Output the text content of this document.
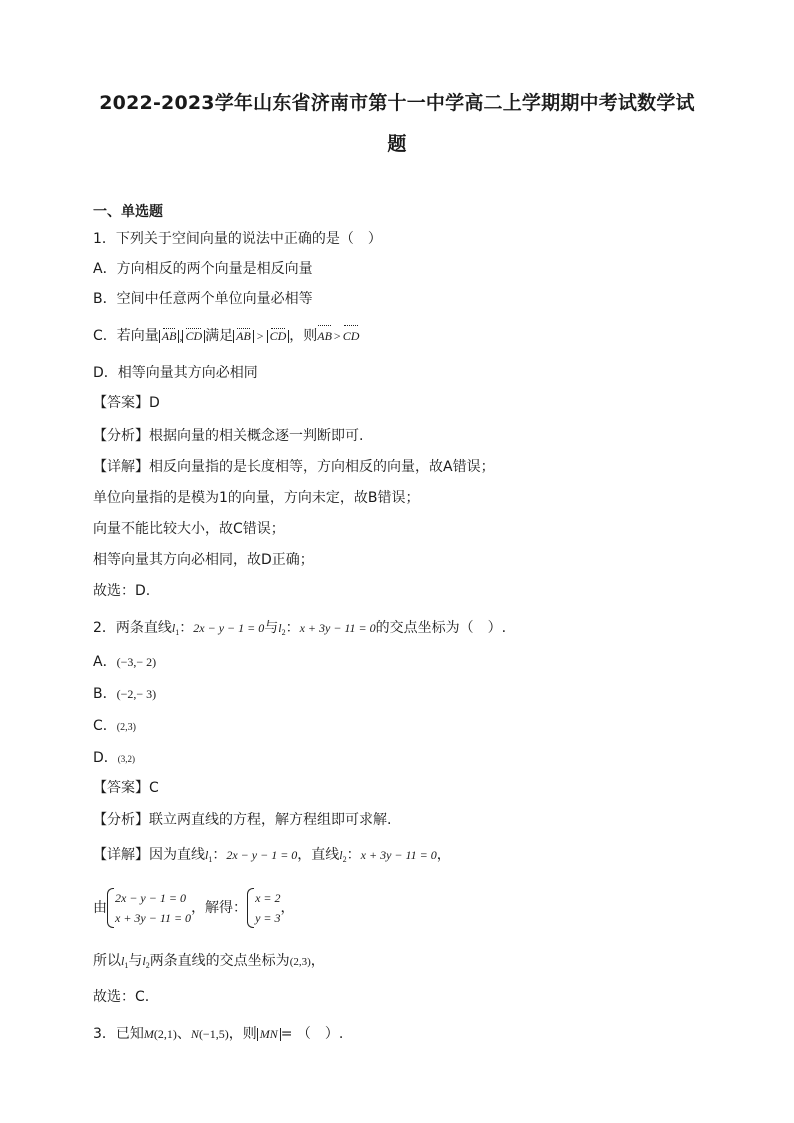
2022-2023学年山东省济南市第十一中学高二上学期期中考试数学试
题
一、单选题
1．下列关于空间向量的说法中正确的是（　）
A．方向相反的两个向量是相反向量
B．空间中任意两个单位向量必相等
C．若向量 AB , CD 满足 AB > CD ，则AB > CD
D．相等向量其方向必相同
【答案】D
【分析】根据向量的相关概念逐一判断即可.
【详解】相反向量指的是长度相等，方向相反的向量，故A错误；
单位向量指的是模为1的向量，方向未定，故B错误；
向量不能比较大小，故C错误；
相等向量其方向必相同，故D正确；
故选：D.
2．两条直线$l_1$：2x − y − 1 = 0与$l_2$：x + 3y − 11 = 0的交点坐标为（　）.
A．(−3,− 2)
B．(−2,− 3)
C．(2,3)
D．(3,2)
【答案】C
【分析】联立两直线的方程，解方程组即可求解.
【详解】因为直线$l_1$：2x − y − 1 = 0，直线$l_2$：x + 3y − 11 = 0，
由
2x − y − 1 = 0
x + 3y − 11 = 0
，解得：
x = 2
y = 3
，
所以$l_1$与$l_2$两条直线的交点坐标为(2,3)，
故选：C.
3．已知M(2,1)、N(−1,5)，则 MN = （　）.
